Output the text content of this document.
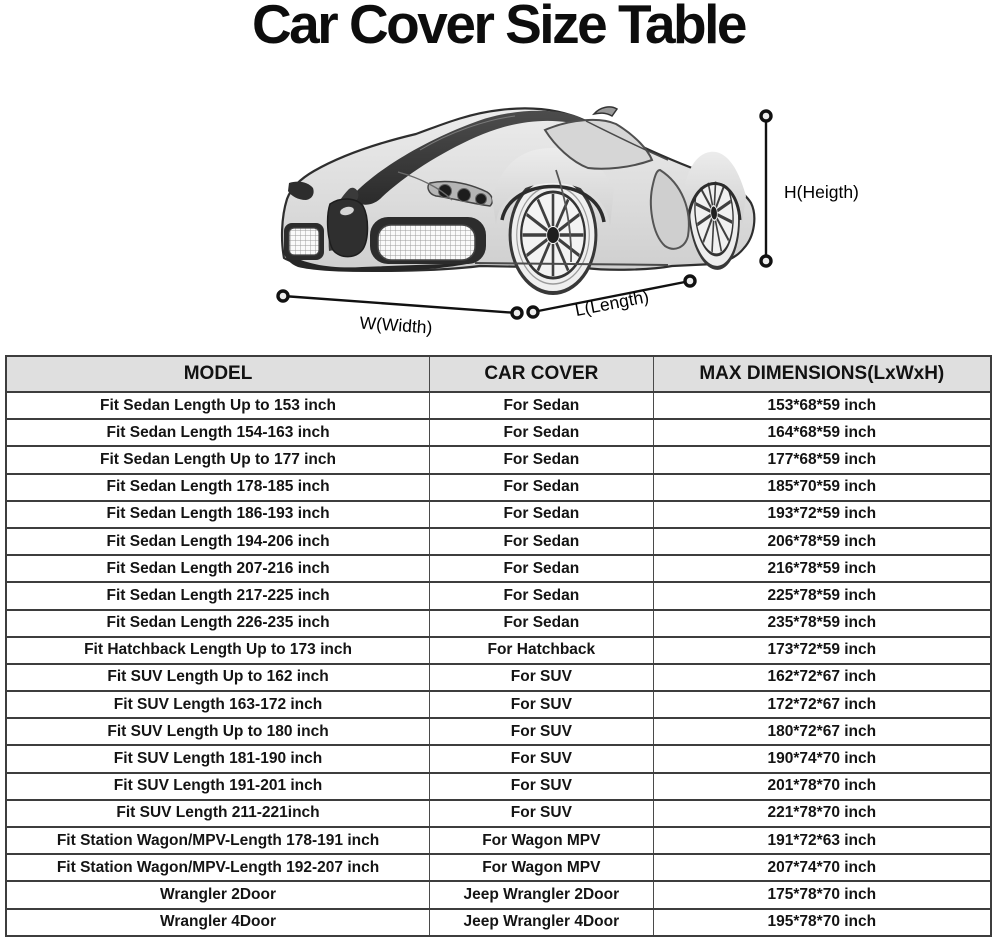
Car Cover Size Table
W(Width)
L(Length)
H(Heigth)
MODEL	CAR COVER	MAX DIMENSIONS(LxWxH)
Fit Sedan Length Up to 153 inch	For Sedan	153*68*59 inch
Fit Sedan Length 154-163 inch	For Sedan	164*68*59 inch
Fit Sedan Length Up to 177 inch	For Sedan	177*68*59 inch
Fit Sedan Length 178-185 inch	For Sedan	185*70*59 inch
Fit Sedan Length 186-193 inch	For Sedan	193*72*59 inch
Fit Sedan Length 194-206 inch	For Sedan	206*78*59 inch
Fit Sedan Length 207-216 inch	For Sedan	216*78*59 inch
Fit Sedan Length 217-225 inch	For Sedan	225*78*59 inch
Fit Sedan Length 226-235 inch	For Sedan	235*78*59 inch
Fit Hatchback Length Up to 173 inch	For Hatchback	173*72*59 inch
Fit SUV Length Up to 162 inch	For SUV	162*72*67 inch
Fit SUV Length 163-172 inch	For SUV	172*72*67 inch
Fit SUV Length Up to 180 inch	For SUV	180*72*67 inch
Fit SUV Length 181-190 inch	For SUV	190*74*70 inch
Fit SUV Length 191-201 inch	For SUV	201*78*70 inch
Fit SUV Length 211-221inch	For SUV	221*78*70 inch
Fit Station Wagon/MPV-Length 178-191 inch	For Wagon MPV	191*72*63 inch
Fit Station Wagon/MPV-Length 192-207 inch	For Wagon MPV	207*74*70 inch
Wrangler 2Door	Jeep Wrangler 2Door	175*78*70 inch
Wrangler 4Door	Jeep Wrangler 4Door	195*78*70 inch
